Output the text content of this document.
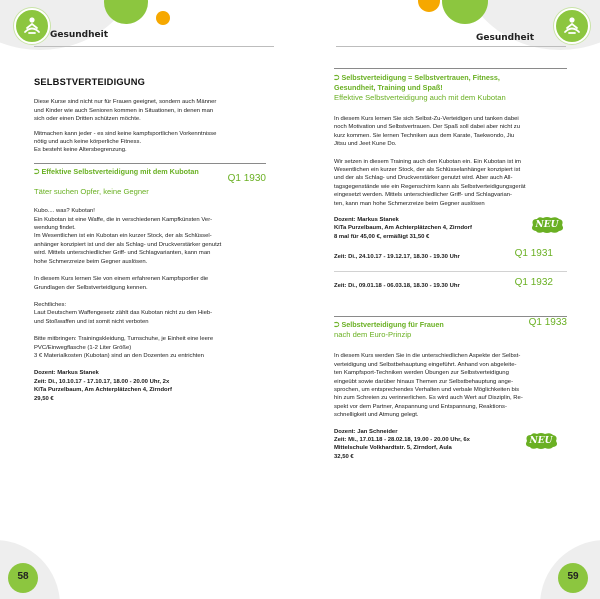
Gesundheit
SELBSTVERTEIDIGUNG

Diese Kurse sind nicht nur für Frauen geeignet, sondern auch Männer
und Kinder wie auch Senioren kommen in Situationen, in denen man
sich oder einen Dritten schützen möchte.

Mitmachen kann jeder - es sind keine kampfsportlichen Vorkenntnisse
nötig und auch keine körperliche Fitness.
Es besteht keine Altersbegrenzung.

⮊ Effektive Selbstverteidigung mit dem Kubotan
Q1 1930
Täter suchen Opfer, keine Gegner

Kubo.... was? Kubotan!
Ein Kubotan ist eine Waffe, die in verschiedenen Kampfkünsten Ver-
wendung findet.
Im Wesentlichen ist ein Kubotan ein kurzer Stock, der als Schlüssel-
anhänger konzipiert ist und der als Schlag- und Druckverstärker genutzt
wird. Mittels unterschiedlicher Griff- und Schlagvarianten, kann man
hohe Schmerzreize beim Gegner auslösen.

In diesem Kurs lernen Sie von einem erfahrenen Kampfsportler die
Grundlagen der Selbstverteidigung kennen.

Rechtliches:
Laut Deutschem Waffengesetz zählt das Kubotan nicht zu den Hieb-
und Stoßwaffen und ist somit nicht verboten

Bitte mitbringen: Trainingskleidung, Turnschuhe, je Einheit eine leere
PVC/Einwegflasche (1-2 Liter Größe)
3 € Materialkosten (Kubotan) sind an den Dozenten zu entrichten

Dozent: Markus Stanek
Zeit: Di., 10.10.17 - 17.10.17, 18.00 - 20.00 Uhr, 2x
KiTa Purzelbaum, Am Achterplätzchen 4, Zirndorf
29,50 €

58
Gesundheit
⮊ Selbstverteidigung = Selbstvertrauen, Fitness,
Gesundheit, Training und Spaß!
Effektive Selbstverteidigung auch mit dem Kubotan

In diesem Kurs lernen Sie sich Selbst-Zu-Verteidigen und tanken dabei
noch Motivation und Selbstvertrauen. Der Spaß soll dabei aber nicht zu
kurz kommen. Sie lernen Techniken aus dem Karate, Taekwondo, Jiu
Jitsu und Jeet Kune Do.

Wir setzen in diesem Training auch den Kubotan ein. Ein Kubotan ist im
Wesentlichen ein kurzer Stock, der als Schlüsselanhänger konzipiert ist
und der als Schlag- und Druckverstärker genutzt wird. Aber auch All-
tagsgegenstände wie ein Regenschirm kann als Selbstverteidigungsgerät
eingesetzt werden. Mittels unterschiedlicher Griff- und Schlagvarian-
ten, kann man hohe Schmerzreize beim Gegner auslösen

Dozent: Markus Stanek
KiTa Purzelbaum, Am Achterplätzchen 4, Zirndorf
8 mal für 45,00 €, ermäßigt 31,50 €

NEU
Zeit: Di., 24.10.17 - 19.12.17, 18.30 - 19.30 Uhr	Q1 1931
Zeit: Di., 09.01.18 - 06.03.18, 18.30 - 19.30 Uhr	Q1 1932
⮊ Selbstverteidigung für Frauen	Q1 1933
nach dem Euro-Prinzip

In diesem Kurs werden Sie in die unterschiedlichen Aspekte der Selbst-
verteidigung und Selbstbehauptung eingeführt. Anhand von abgeleite-
ten Kampfsport-Techniken werden Übungen zur Selbstverteidigung
eingeübt sowie darüber hinaus Themen zur Selbstbehauptung ange-
sprochen, um entsprechendes Verhalten und verbale Möglichkeiten bis
hin zum Schreien zu verinnerlichen. Es wird auch Wert auf Disziplin, Re-
spekt vor dem Partner, Anspannung und Entspannung, Reaktions-
schnelligkeit und Atmung gelegt.

Dozent: Jan Schneider
Zeit: Mi., 17.01.18 - 28.02.18, 19.00 - 20.00 Uhr, 6x
Mittelschule Volkhardtstr. 5, Zirndorf, Aula
32,50 €

NEU
59
